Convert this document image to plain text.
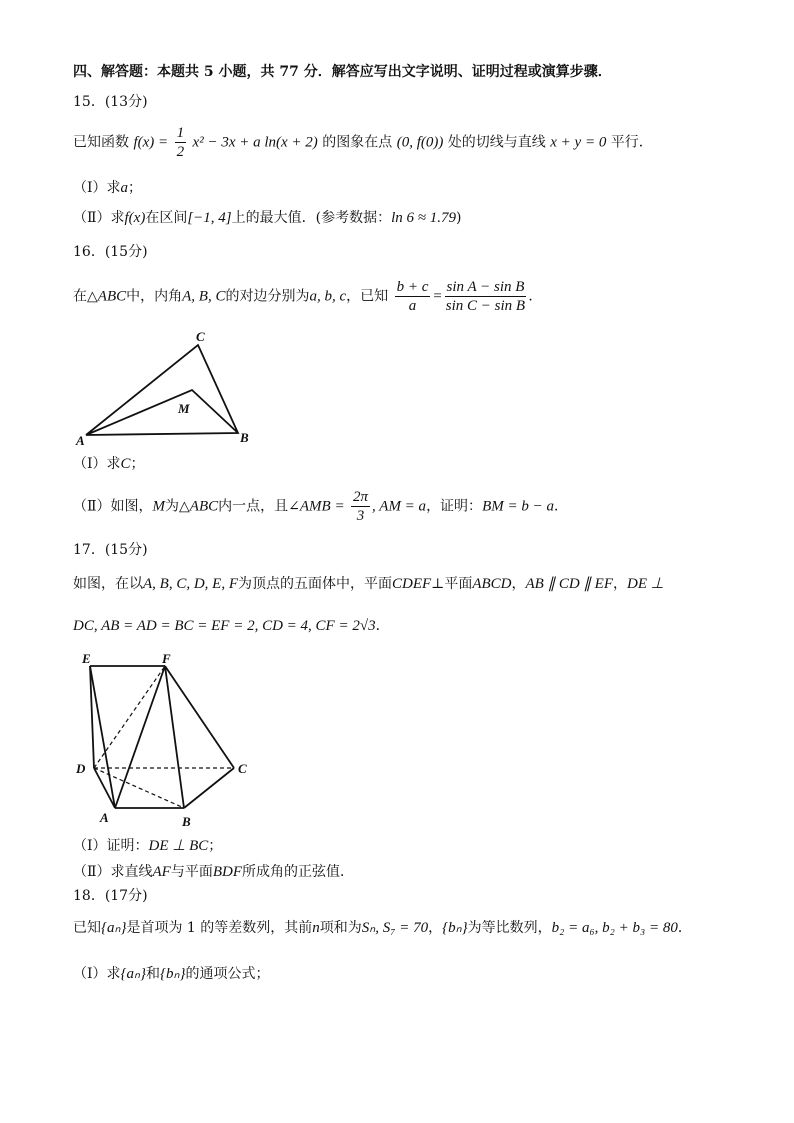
四、解答题：本题共 5 小题，共 77 分．解答应写出文字说明、证明过程或演算步骤．
15．(13分)
已知函数 $f(x) = \frac{1}{2} x^2 - 3x + a$ ln(x + 2) 的图象在点 (0, f(0)) 处的切线与直线 x + y = 0 平行．
（Ⅰ）求a；
（Ⅱ）求f(x)在区间[−1, 4]上的最大值．(参考数据：ln 6 ≈ 1.79)
16．(15分)
在△ABC中，内角A, B, C的对边分别为a, b, c，已知 $\frac{b + c}{a} = \frac{\text{sin A − sin B}}{\text{sin C − sin B}}$ ．
C
M
A	B
（Ⅰ）求C；
（Ⅱ）如图，M为△ABC内一点，且∠AMB = $\frac{2\pi}{3}$ , AM = a，证明：BM = b − a．
17．(15分)
如图，在以A, B, C, D, E, F为顶点的五面体中，平面CDEF⊥平面ABCD，AB ∥ CD ∥ EF，DE ⊥
DC, AB = AD = BC = EF = 2, CD = 4, CF = 2√3．
E	F
D	C
A	B
（Ⅰ）证明：DE ⊥ BC；
（Ⅱ）求直线AF与平面BDF所成角的正弦值．
18．(17分)
已知{aₙ}是首项为 1 的等差数列，其前n项和为Sₙ, S₇ = 70，{bₙ}为等比数列，b₂ = a₆, b₂ + b₃ = 80．
（Ⅰ）求{aₙ}和{bₙ}的通项公式；
